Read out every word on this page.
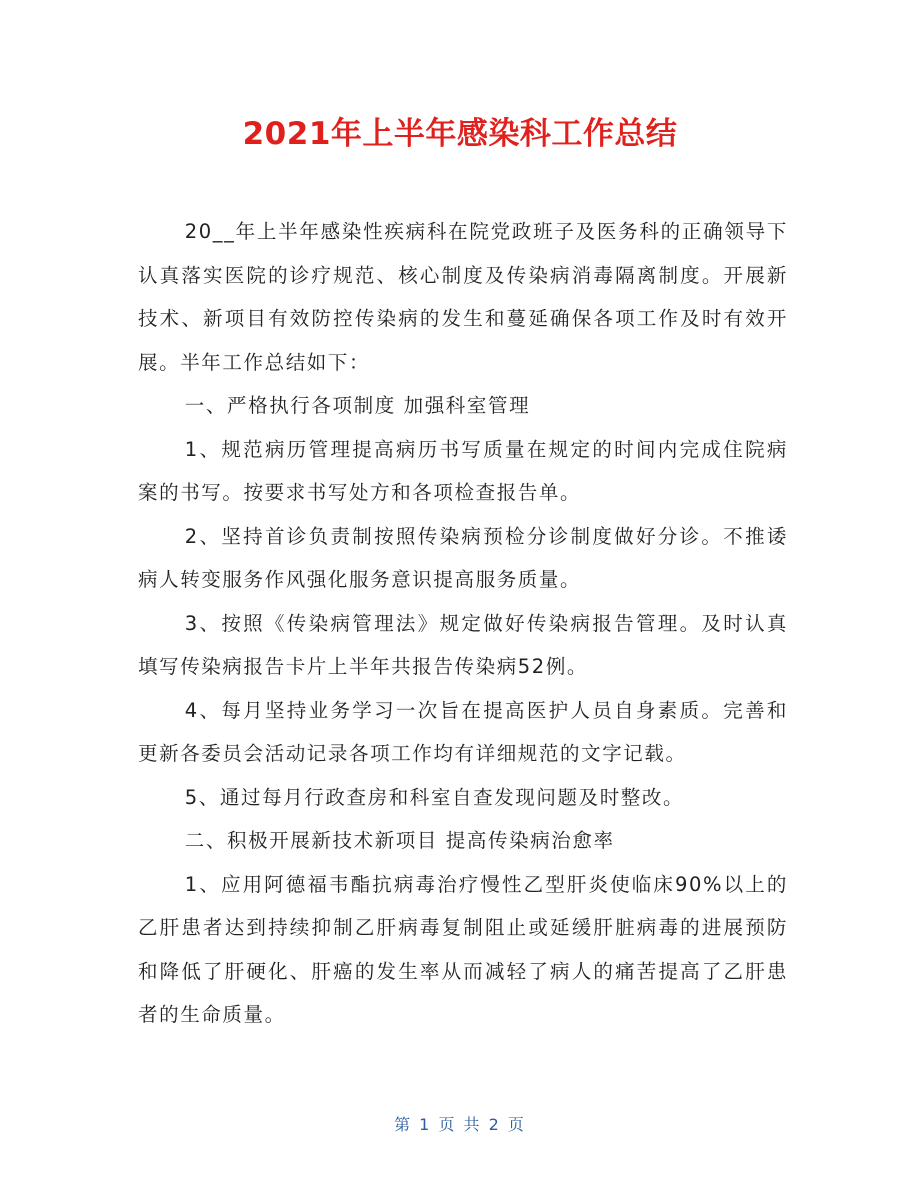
2021年上半年感染科工作总结

20__年上半年感染性疾病科在院党政班子及医务科的正确领导下认真落实医院的诊疗规范、核心制度及传染病消毒隔离制度。开展新技术、新项目有效防控传染病的发生和蔓延确保各项工作及时有效开展。半年工作总结如下：

一、严格执行各项制度 加强科室管理

1、规范病历管理提高病历书写质量在规定的时间内完成住院病案的书写。按要求书写处方和各项检查报告单。

2、坚持首诊负责制按照传染病预检分诊制度做好分诊。不推诿病人转变服务作风强化服务意识提高服务质量。

3、按照《传染病管理法》规定做好传染病报告管理。及时认真填写传染病报告卡片上半年共报告传染病52例。

4、每月坚持业务学习一次旨在提高医护人员自身素质。完善和更新各委员会活动记录各项工作均有详细规范的文字记载。

5、通过每月行政查房和科室自查发现问题及时整改。

二、积极开展新技术新项目 提高传染病治愈率

1、应用阿德福韦酯抗病毒治疗慢性乙型肝炎使临床90%以上的乙肝患者达到持续抑制乙肝病毒复制阻止或延缓肝脏病毒的进展预防和降低了肝硬化、肝癌的发生率从而减轻了病人的痛苦提高了乙肝患者的生命质量。

第 1 页 共 2 页
